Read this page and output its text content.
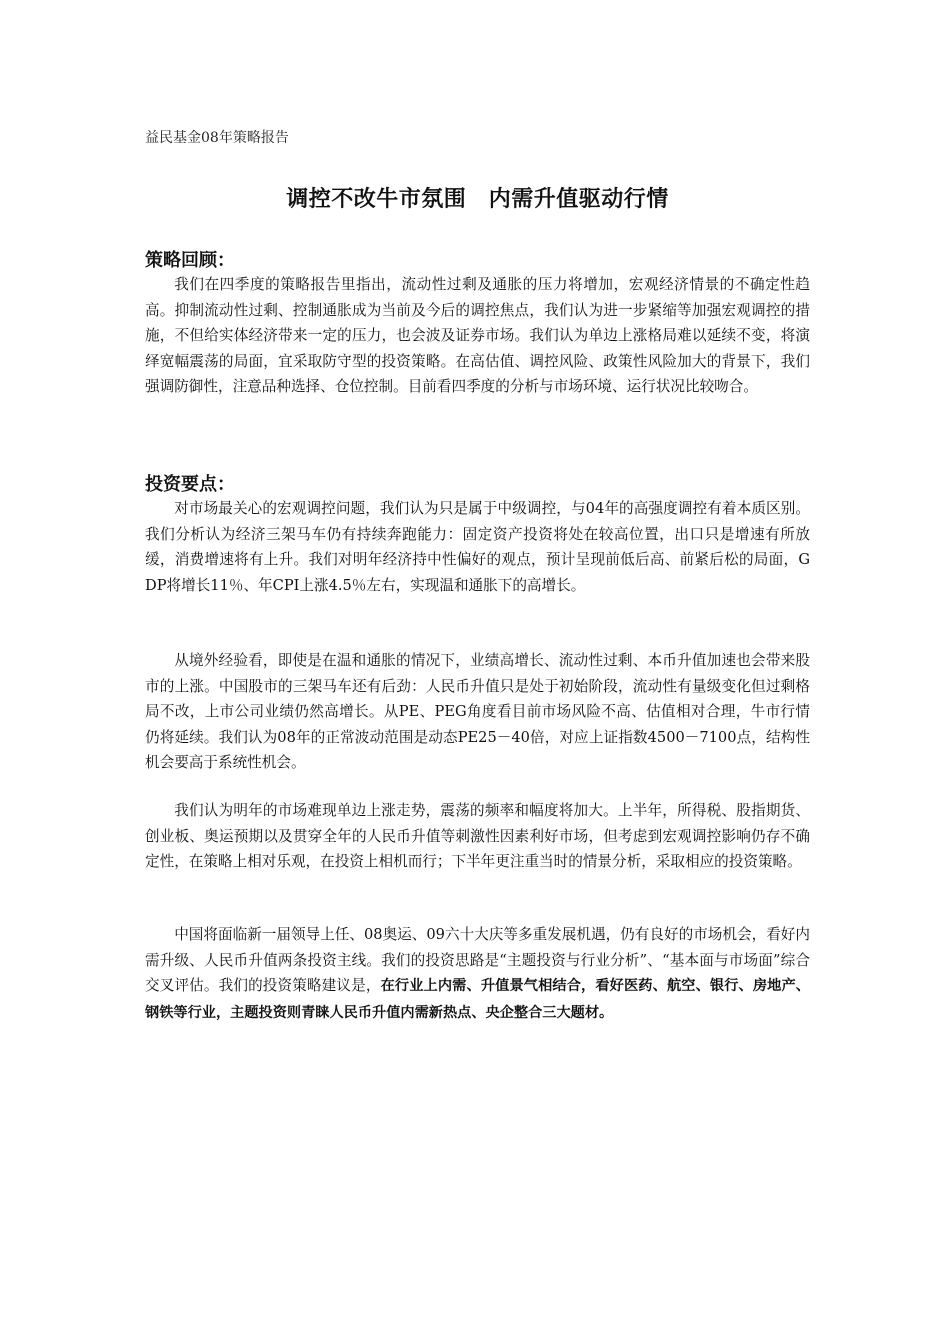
益民基金08年策略报告
调控不改牛市氛围　内需升值驱动行情
策略回顾：

我们在四季度的策略报告里指出，流动性过剩及通胀的压力将增加，宏观经济情景的不确定性趋高。抑制流动性过剩、控制通胀成为当前及今后的调控焦点，我们认为进一步紧缩等加强宏观调控的措施，不但给实体经济带来一定的压力，也会波及证券市场。我们认为单边上涨格局难以延续不变，将演绎宽幅震荡的局面，宜采取防守型的投资策略。在高估值、调控风险、政策性风险加大的背景下，我们强调防御性，注意品种选择、仓位控制。目前看四季度的分析与市场环境、运行状况比较吻合。

投资要点：

对市场最关心的宏观调控问题，我们认为只是属于中级调控，与04年的高强度调控有着本质区别。我们分析认为经济三架马车仍有持续奔跑能力：固定资产投资将处在较高位置，出口只是增速有所放缓，消费增速将有上升。我们对明年经济持中性偏好的观点，预计呈现前低后高、前紧后松的局面，GDP将增长11％、年CPI上涨4.5％左右，实现温和通胀下的高增长。

从境外经验看，即使是在温和通胀的情况下，业绩高增长、流动性过剩、本币升值加速也会带来股市的上涨。中国股市的三架马车还有后劲：人民币升值只是处于初始阶段，流动性有量级变化但过剩格局不改，上市公司业绩仍然高增长。从PE、PEG角度看目前市场风险不高、估值相对合理，牛市行情仍将延续。我们认为08年的正常波动范围是动态PE25－40倍，对应上证指数4500－7100点，结构性机会要高于系统性机会。

我们认为明年的市场难现单边上涨走势，震荡的频率和幅度将加大。上半年，所得税、股指期货、创业板、奥运预期以及贯穿全年的人民币升值等刺激性因素利好市场，但考虑到宏观调控影响仍存不确定性，在策略上相对乐观，在投资上相机而行；下半年更注重当时的情景分析，采取相应的投资策略。

中国将面临新一届领导上任、08奥运、09六十大庆等多重发展机遇，仍有良好的市场机会，看好内需升级、人民币升值两条投资主线。我们的投资思路是“主题投资与行业分析”、“基本面与市场面”综合交叉评估。我们的投资策略建议是，在行业上内需、升值景气相结合，看好医药、航空、银行、房地产、钢铁等行业，主题投资则青睐人民币升值内需新热点、央企整合三大题材。
